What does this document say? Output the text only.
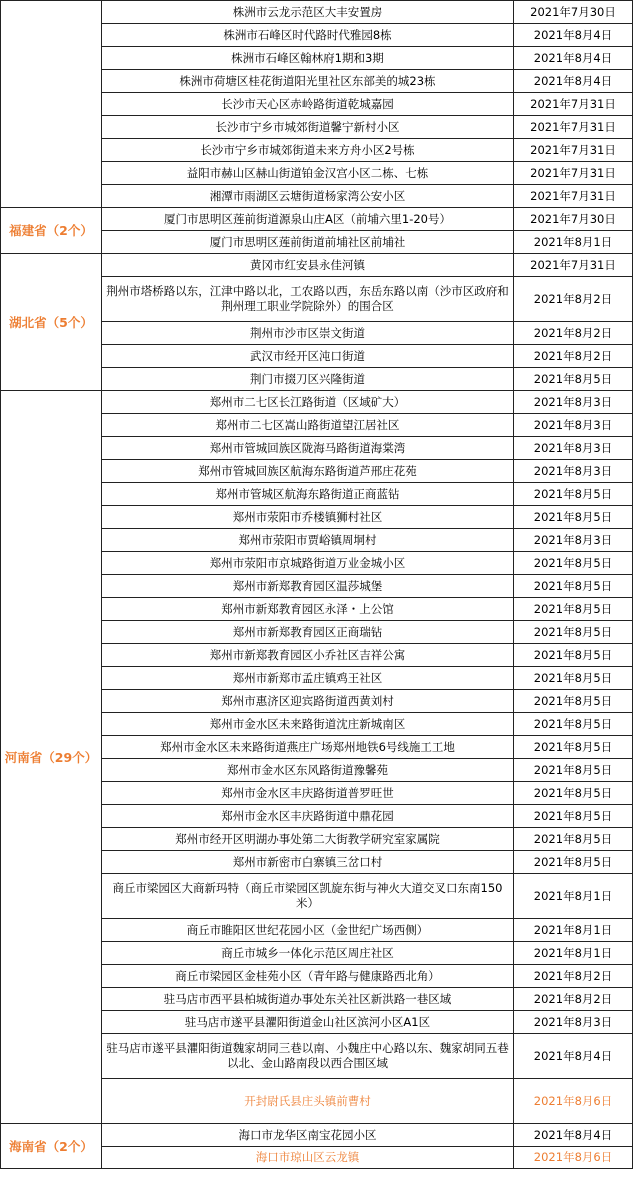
	株洲市云龙示范区大丰安置房	2021年7月30日
	株洲市石峰区时代路时代雅园8栋	2021年8月4日
	株洲市石峰区翰林府1期和3期	2021年8月4日
	株洲市荷塘区桂花街道阳光里社区东部美的城23栋	2021年8月4日
	长沙市天心区赤岭路街道乾城嘉园	2021年7月31日
	长沙市宁乡市城郊街道馨宁新村小区	2021年7月31日
	长沙市宁乡市城郊街道未来方舟小区2号栋	2021年7月31日
	益阳市赫山区赫山街道铂金汉宫小区二栋、七栋	2021年7月31日
	湘潭市雨湖区云塘街道杨家湾公安小区	2021年7月31日
福建省（2个）	厦门市思明区莲前街道源泉山庄A区（前埔六里1-20号）	2021年7月30日
	厦门市思明区莲前街道前埔社区前埔社	2021年8月1日
湖北省（5个）	黄冈市红安县永佳河镇	2021年7月31日
	荆州市塔桥路以东，江津中路以北，工农路以西，东岳东路以南（沙市区政府和荆州理工职业学院除外）的围合区	2021年8月2日
	荆州市沙市区崇文街道	2021年8月2日
	武汉市经开区沌口街道	2021年8月2日
	荆门市掇刀区兴隆街道	2021年8月5日
河南省（29个）	郑州市二七区长江路街道（区域矿大）	2021年8月3日
	郑州市二七区嵩山路街道望江居社区	2021年8月3日
	郑州市管城回族区陇海马路街道海棠湾	2021年8月3日
	郑州市管城回族区航海东路街道芦邢庄花苑	2021年8月3日
	郑州市管城区航海东路街道正商蓝钻	2021年8月5日
	郑州市荥阳市乔楼镇狮村社区	2021年8月5日
	郑州市荥阳市贾峪镇周垌村	2021年8月3日
	郑州市荥阳市京城路街道万业金城小区	2021年8月5日
	郑州市新郑教育园区温莎城堡	2021年8月5日
	郑州市新郑教育园区永泽・上公馆	2021年8月5日
	郑州市新郑教育园区正商瑞钻	2021年8月5日
	郑州市新郑教育园区小乔社区吉祥公寓	2021年8月5日
	郑州市新郑市孟庄镇鸡王社区	2021年8月5日
	郑州市惠济区迎宾路街道西黄刘村	2021年8月5日
	郑州市金水区未来路街道沈庄新城南区	2021年8月5日
	郑州市金水区未来路街道燕庄广场郑州地铁6号线施工工地	2021年8月5日
	郑州市金水区东风路街道豫馨苑	2021年8月5日
	郑州市金水区丰庆路街道普罗旺世	2021年8月5日
	郑州市金水区丰庆路街道中鼎花园	2021年8月5日
	郑州市经开区明湖办事处第二大街教学研究室家属院	2021年8月5日
	郑州市新密市白寨镇三岔口村	2021年8月5日
	商丘市梁园区大商新玛特（商丘市梁园区凯旋东街与神火大道交叉口东南150米）	2021年8月1日
	商丘市睢阳区世纪花园小区（金世纪广场西侧）	2021年8月1日
	商丘市城乡一体化示范区周庄社区	2021年8月1日
	商丘市梁园区金桂苑小区（青年路与健康路西北角）	2021年8月2日
	驻马店市西平县柏城街道办事处东关社区新洪路一巷区域	2021年8月2日
	驻马店市遂平县灈阳街道金山社区滨河小区A1区	2021年8月3日
	驻马店市遂平县灈阳街道魏家胡同三巷以南、小魏庄中心路以东、魏家胡同五巷以北、金山路南段以西合围区域	2021年8月4日
	开封尉氏县庄头镇前曹村	2021年8月6日
海南省（2个）	海口市龙华区南宝花园小区	2021年8月4日
	海口市琼山区云龙镇	2021年8月6日
